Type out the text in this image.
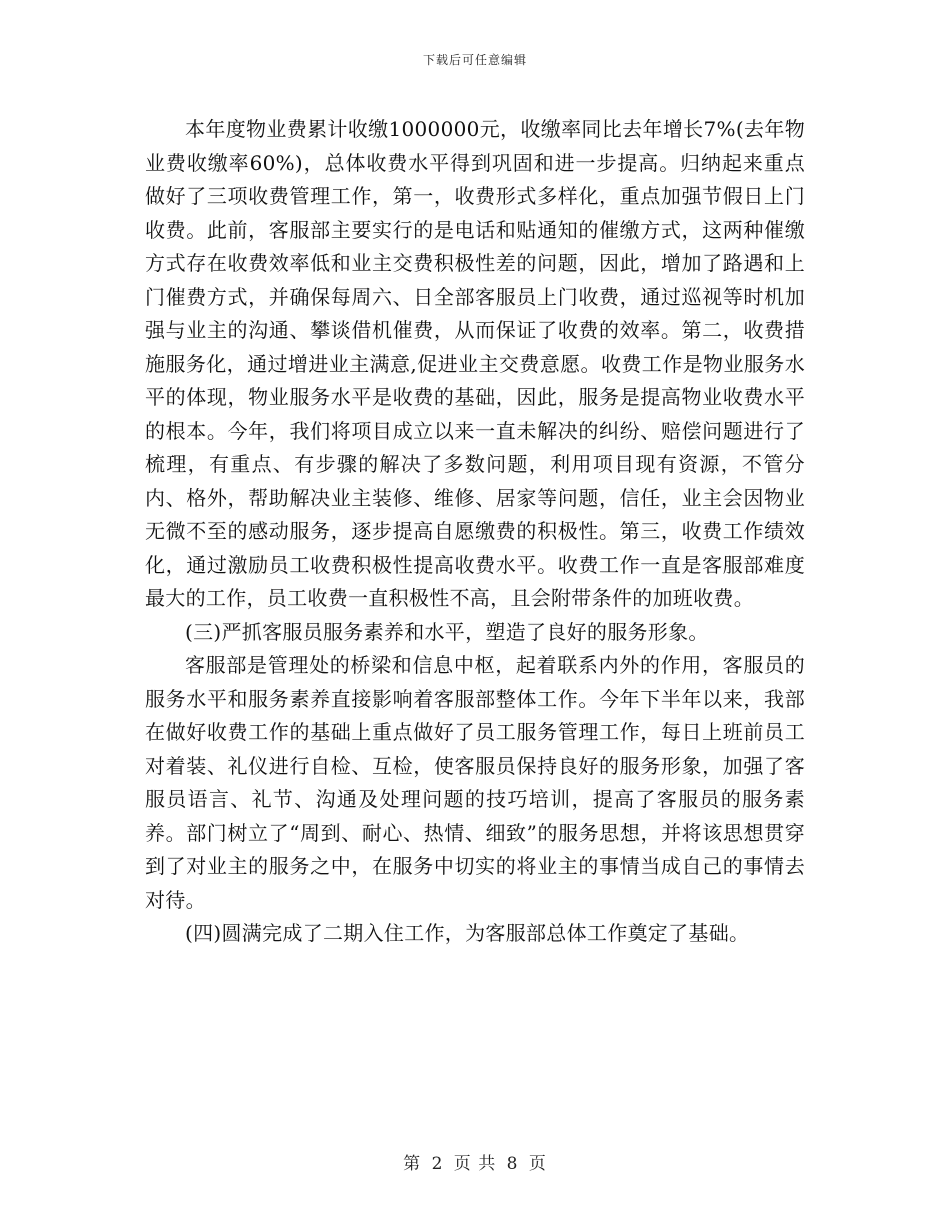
下载后可任意编辑

本年度物业费累计收缴1000000元，收缴率同比去年增长7%(去年物业费收缴率60%)，总体收费水平得到巩固和进一步提高。归纳起来重点做好了三项收费管理工作，第一，收费形式多样化，重点加强节假日上门收费。此前，客服部主要实行的是电话和贴通知的催缴方式，这两种催缴方式存在收费效率低和业主交费积极性差的问题，因此，增加了路遇和上门催费方式，并确保每周六、日全部客服员上门收费，通过巡视等时机加强与业主的沟通、攀谈借机催费，从而保证了收费的效率。第二，收费措施服务化，通过增进业主满意,促进业主交费意愿。收费工作是物业服务水平的体现，物业服务水平是收费的基础，因此，服务是提高物业收费水平的根本。今年，我们将项目成立以来一直未解决的纠纷、赔偿问题进行了梳理，有重点、有步骤的解决了多数问题，利用项目现有资源，不管分内、格外，帮助解决业主装修、维修、居家等问题，信任，业主会因物业无微不至的感动服务，逐步提高自愿缴费的积极性。第三，收费工作绩效化，通过激励员工收费积极性提高收费水平。收费工作一直是客服部难度最大的工作，员工收费一直积极性不高，且会附带条件的加班收费。

(三)严抓客服员服务素养和水平，塑造了良好的服务形象。

客服部是管理处的桥梁和信息中枢，起着联系内外的作用，客服员的服务水平和服务素养直接影响着客服部整体工作。今年下半年以来，我部在做好收费工作的基础上重点做好了员工服务管理工作，每日上班前员工对着装、礼仪进行自检、互检，使客服员保持良好的服务形象，加强了客服员语言、礼节、沟通及处理问题的技巧培训，提高了客服员的服务素养。部门树立了“周到、耐心、热情、细致”的服务思想，并将该思想贯穿到了对业主的服务之中，在服务中切实的将业主的事情当成自己的事情去对待。

(四)圆满完成了二期入住工作，为客服部总体工作奠定了基础。

第 2 页 共 8 页
